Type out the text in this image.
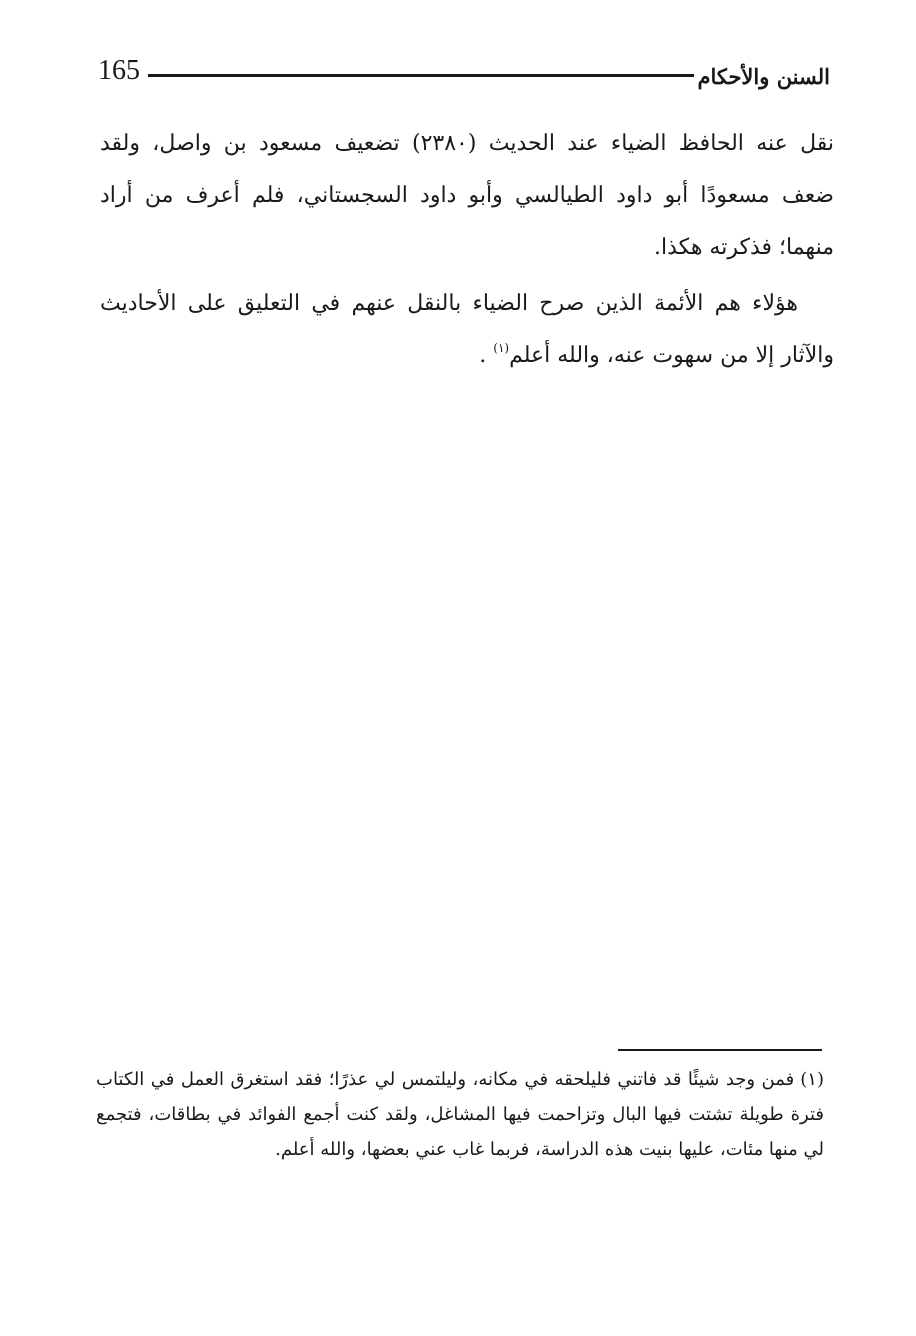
165	السنن والأحكام

نقل عنه الحافظ الضياء عند الحديث (٢٣٨٠) تضعيف مسعود بن واصل، ولقد ضعف مسعودًا أبو داود الطيالسي وأبو داود السجستاني، فلم أعرف من أراد منهما؛ فذكرته هكذا.

هؤلاء هم الأئمة الذين صرح الضياء بالنقل عنهم في التعليق على الأحاديث والآثار إلا من سهوت عنه، والله أعلم$^{(١)}$ .

(١)فمن وجد شيئًا قد فاتني فليلحقه في مكانه، وليلتمس لي عذرًا؛ فقد استغرق العمل في الكتاب فترة طويلة تشتت فيها البال وتزاحمت فيها المشاغل، ولقد كنت أجمع الفوائد في بطاقات، فتجمع لي منها مئات، عليها بنيت هذه الدراسة، فربما غاب عني بعضها، والله أعلم.
